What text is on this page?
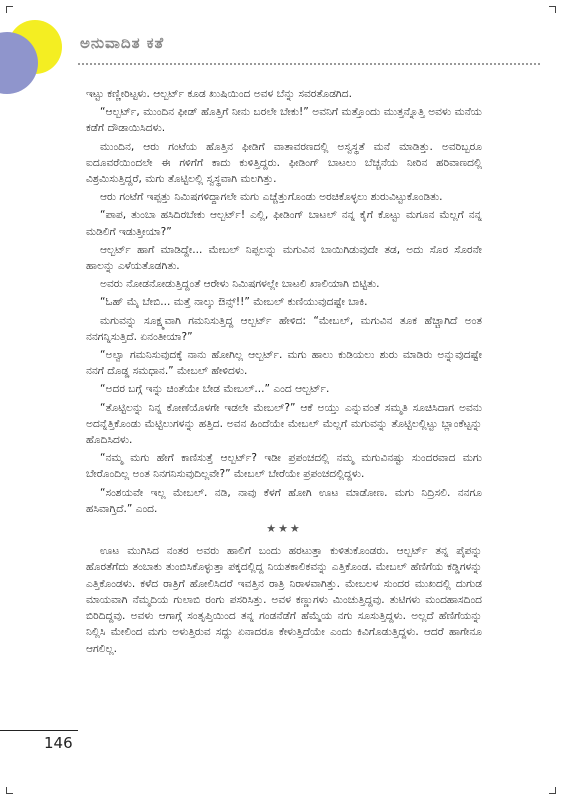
ಅನುವಾದಿತ ಕತೆ

ಇಟ್ಟು ಕಣ್ಣೀರಿಟ್ಟಳು. ಆಲ್ಬರ್ಟ್ ಕೂಡ ಖುಷಿಯಿಂದ ಅವಳ ಬೆನ್ನು ಸವರತೊಡಗಿದ.

“ಆಲ್ಬರ್ಟ್, ಮುಂದಿನ ಫೀಡ್ ಹೊತ್ತಿಗೆ ನೀನು ಬರಲೇ ಬೇಕು!” ಅವನಿಗೆ ಮತ್ತೊಂದು ಮುತ್ತನ್ನೊತ್ತಿ ಅವಳು ಮನೆಯ ಕಡೆಗೆ ದೌಡಾಯಿಸಿದಳು.

ಮುಂದಿನ, ಆರು ಗಂಟೆಯ ಹೊತ್ತಿನ ಫೀಡಿಗೆ ವಾತಾವರಣದಲ್ಲಿ ಅಸ್ವಸ್ಥತೆ ಮನೆ ಮಾಡಿತ್ತು. ಅವರಿಬ್ಬರೂ ಐದೂವರೆಯಿಂದಲೇ ಈ ಗಳಿಗೆಗೆ ಕಾದು ಕುಳಿತ್ತಿದ್ದರು. ಫೀಡಿಂಗ್ ಬಾಟಲು ಬೆಚ್ಚನೆಯ ನೀರಿನ ಹರಿವಾಣದಲ್ಲಿ ವಿಶ್ರಮಿಸುತ್ತಿದ್ದರೆ, ಮಗು ತೊಟ್ಟಿಲಲ್ಲಿ ಸ್ವಸ್ಥವಾಗಿ ಮಲಗಿತ್ತು.

ಆರು ಗಂಟೆಗೆ ಇಪ್ಪತ್ತು ನಿಮಿಷಗಳಿದ್ದಾಗಲೇ ಮಗು ಎಚ್ಚೆತ್ತುಗೊಂಡು ಅರಚಿಕೊಳ್ಳಲು ಶುರುವಿಟ್ಟುಕೊಂಡಿತು.

“ಪಾಪ, ತುಂಬಾ ಹಸಿದಿರಬೇಕು ಆಲ್ಬರ್ಟ್! ಎಲ್ಲಿ, ಫೀಡಿಂಗ್ ಬಾಟಲ್ ನನ್ನ ಕೈಗೆ ಕೊಟ್ಟು ಮಗೂನ ಮೆಲ್ಲಗೆ ನನ್ನ ಮಡಿಲಿಗೆ ಇಡುತ್ತೀಯಾ?”

ಆಲ್ಬರ್ಟ್ ಹಾಗೆ ಮಾಡಿದ್ದೇ... ಮೇಬಲ್ ನಿಪ್ಪಲನ್ನು ಮಗುವಿನ ಬಾಯಿಗಿಡುವುದೇ ತಡ, ಅದು ಸೊರ ಸೊರನೇ ಹಾಲನ್ನು ಎಳೆಯತೊಡಗಿತು.

ಅವರು ನೋಡನೋಡುತ್ತಿದ್ದಂತೆ ಆರೇಳು ನಿಮಿಷಗಳಲ್ಲೇ ಬಾಟಲಿ ಖಾಲಿಯಾಗಿ ಬಿಟ್ಟಿತು.

“ಓಹ್ ಮೈ ಬೇಬಿ... ಮತ್ತೆ ನಾಲ್ಕು ಔನ್ಸ್!!” ಮೇಬಲ್ ಕುಣಿಯುವುದಷ್ಟೇ ಬಾಕಿ.

ಮಗುವನ್ನು ಸೂಕ್ಷ್ಮವಾಗಿ ಗಮನಿಸುತ್ತಿದ್ದ ಆಲ್ಬರ್ಟ್ ಹೇಳಿದ: “ಮೇಬಲ್, ಮಗುವಿನ ತೂಕ ಹೆಚ್ಚಾಗಿದೆ ಅಂತ ನನಗನ್ನಿಸುತ್ತಿದೆ. ಏನಂತೀಯಾ?”

“ಅಲ್ವಾ ಗಮನಿಸುವುದಕ್ಕೆ ನಾನು ಹೋಗಿಲ್ಲ ಆಲ್ಬರ್ಟ್. ಮಗು ಹಾಲು ಕುಡಿಯಲು ಶುರು ಮಾಡಿರು ಅನ್ನುವುದಷ್ಟೇ ನನಗೆ ದೊಡ್ಡ ಸಮಧಾನ.” ಮೇಬಲ್ ಹೇಳಿದಳು.

“ಅದರ ಬಗ್ಗೆ ಇನ್ನು ಚಿಂತೆಯೇ ಬೇಡ ಮೇಬಲ್...” ಎಂದ ಆಲ್ಬರ್ಟ್.

“ತೊಟ್ಟಿಲನ್ನು ನಿನ್ನ ಕೋಣೆಯೊಳಗೇ ಇಡಲೇ ಮೇಬಲ್?” ಆಕೆ ಅಯ್ತು ಎನ್ನುವಂತೆ ಸಮ್ಮತಿ ಸೂಚಿಸಿದಾಗ ಅವನು ಅದನ್ನೆತ್ತಿಕೊಂಡು ಮೆಟ್ಟಿಲುಗಳನ್ನು ಹತ್ತಿದ. ಅವನ ಹಿಂದೆಯೇ ಮೇಬಲ್ ಮೆಲ್ಲಗೆ ಮಗುವನ್ನು ತೊಟ್ಟಿಲಲ್ಲಿಟ್ಟು ಬ್ಲಾಂಕೆಟ್ಟನ್ನು ಹೊದಿಸಿದಳು.

“ನಮ್ಮ ಮಗು ಹೇಗೆ ಕಾಣಿಸುತ್ತೆ ಆಲ್ಬರ್ಟ್? ಇಡೀ ಪ್ರಪಂಚದಲ್ಲಿ ನಮ್ಮ ಮಗುವಿನಷ್ಟು ಸುಂದರವಾದ ಮಗು ಬೇರೊಂದಿಲ್ಲ ಅಂತ ನಿನಗನಿಸುವುದಿಲ್ಲವೇ?” ಮೇಬಲ್ ಬೇರೆಯೇ ಪ್ರಪಂಚದಲ್ಲಿದ್ದಳು.

“ಸಂಶಯವೇ ಇಲ್ಲ ಮೇಬಲ್. ನಡಿ, ನಾವು ಕೆಳಗೆ ಹೋಗಿ ಊಟ ಮಾಡೋಣ. ಮಗು ನಿದ್ರಿಸಲಿ. ನನಗೂ ಹಸಿವಾಗ್ತಿದೆ.” ಎಂದ.

★★★

ಊಟ ಮುಗಿಸಿದ ನಂತರ ಅವರು ಹಾಲಿಗೆ ಬಂದು ಹರಟುತ್ತಾ ಕುಳಿತುಕೊಂಡರು. ಆಲ್ಬರ್ಟ್ ತನ್ನ ಪೈಪನ್ನು ಹೊರತೆಗೆದು ತಂಬಾಕು ತುಂಬಿಸಿಕೊಳ್ಳುತ್ತಾ ಪಕ್ಕದಲ್ಲಿದ್ದ ನಿಯತಕಾಲಿಕವನ್ನು ಎತ್ತಿಕೊಂಡ. ಮೇಬಲ್ ಹೆಣಿಗೆಯ ಕಡ್ಡಿಗಳನ್ನು ಎತ್ತಿಕೊಂಡಳು. ಕಳೆದ ರಾತ್ರಿಗೆ ಹೋಲಿಸಿದರೆ ಇವತ್ತಿನ ರಾತ್ರಿ ನಿರಾಳವಾಗಿತ್ತು. ಮೇಬಲಳ ಸುಂದರ ಮುಖದಲ್ಲಿ ದುಗುಡ ಮಾಯವಾಗಿ ನೆಮ್ಮದಿಯ ಗುಲಾಬಿ ರಂಗು ಪಸರಿಸಿತ್ತು. ಅವಳ ಕಣ್ಣುಗಳು ಮಿಂಚುತ್ತಿದ್ದವು. ತುಟಿಗಳು ಮಂದಹಾಸದಿಂದ ಬಿರಿದಿದ್ದವು. ಅವಳು ಆಗಾಗ್ಗೆ ಸಂತೃಪ್ತಿಯಿಂದ ತನ್ನ ಗಂಡನೆಡೆಗೆ ಹೆಮ್ಮೆಯ ನಗು ಸೂಸುತ್ತಿದ್ದಳು. ಅಲ್ಲದೆ ಹೆಣಿಗೆಯನ್ನು ನಿಲ್ಲಿಸಿ ಮೇಲಿಂದ ಮಗು ಅಳುತ್ತಿರುವ ಸದ್ದು ಏನಾದರೂ ಕೇಳುತ್ತಿದೆಯೇ ಎಂದು ಕಿವಿಗೊಡುತ್ತಿದ್ದಳು. ಆದರೆ ಹಾಗೇನೂ ಆಗಲಿಲ್ಲ.

146
